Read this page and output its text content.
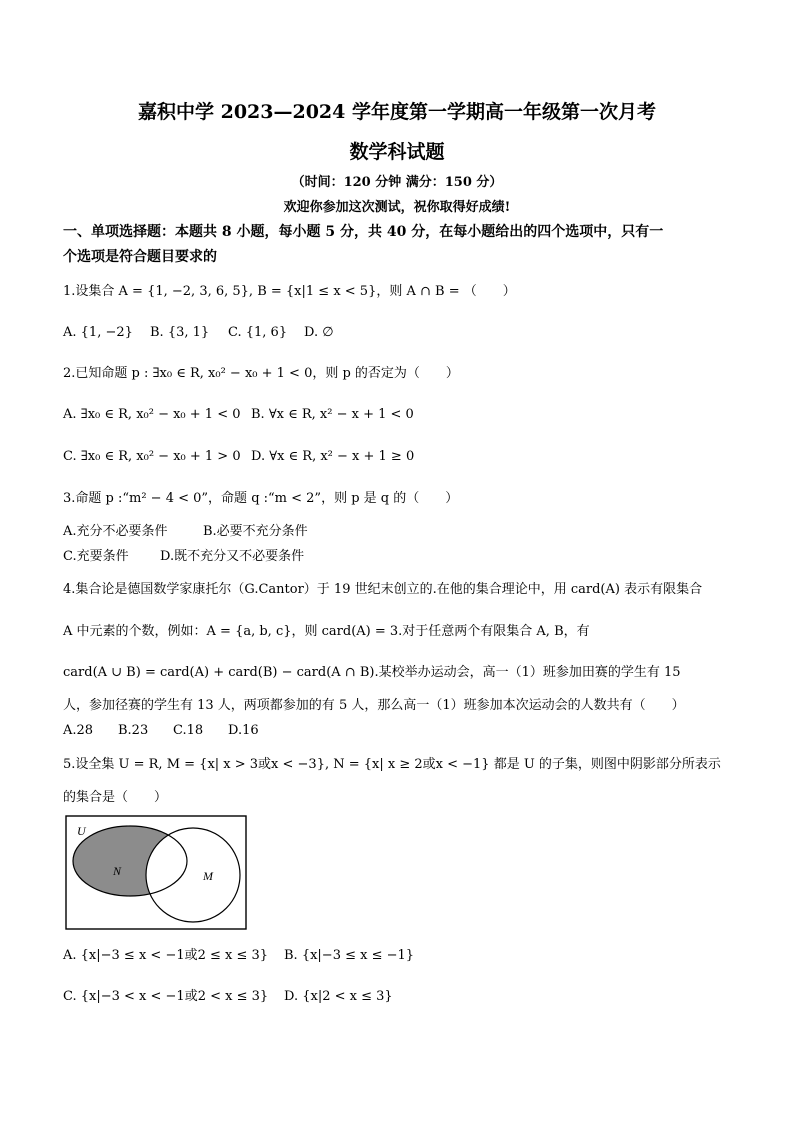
嘉积中学 2023—2024 学年度第一学期高一年级第一次月考
数学科试题
（时间：120 分钟 满分：150 分）
欢迎你参加这次测试，祝你取得好成绩!
一、单项选择题：本题共 8 小题，每小题 5 分，共 40 分，在每小题给出的四个选项中，只有一
个选项是符合题目要求的
1.设集合 A = {1, −2, 3, 6, 5}, B = {x|1 ≤ x < 5}，则 A ∩ B = （　　）
A. {1, −2} B. {3, 1} C. {1, 6} D. ∅
2.已知命题 p : ∃x₀ ∈ R, x₀² − x₀ + 1 < 0，则 p 的否定为（　　）
A. ∃x₀ ∈ R, x₀² − x₀ + 1 < 0 B. ∀x ∈ R, x² − x + 1 < 0
C. ∃x₀ ∈ R, x₀² − x₀ + 1 > 0 D. ∀x ∈ R, x² − x + 1 ≥ 0
3.命题 p :“m² − 4 < 0”，命题 q :“m < 2”，则 p 是 q 的（　　）
A.充分不必要条件	B.必要不充分条件
C.充要条件 D.既不充分又不必要条件
4.集合论是德国数学家康托尔（G.Cantor）于 19 世纪末创立的.在他的集合理论中，用 card(A) 表示有限集合
A 中元素的个数，例如：A = {a, b, c}，则 card(A) = 3.对于任意两个有限集合 A, B，有
card(A ∪ B) = card(A) + card(B) − card(A ∩ B).某校举办运动会，高一（1）班参加田赛的学生有 15
人，参加径赛的学生有 13 人，两项都参加的有 5 人，那么高一（1）班参加本次运动会的人数共有（　　）
A.28 B.23 C.18 D.16
5.设全集 U = R, M = {x| x > 3或x < −3}, N = {x| x ≥ 2或x < −1} 都是 U 的子集，则图中阴影部分所表示
的集合是（　　）
U
N	M
A. {x|−3 ≤ x < −1或2 ≤ x ≤ 3} B. {x|−3 ≤ x ≤ −1}
C. {x|−3 < x < −1或2 < x ≤ 3} D. {x|2 < x ≤ 3}
